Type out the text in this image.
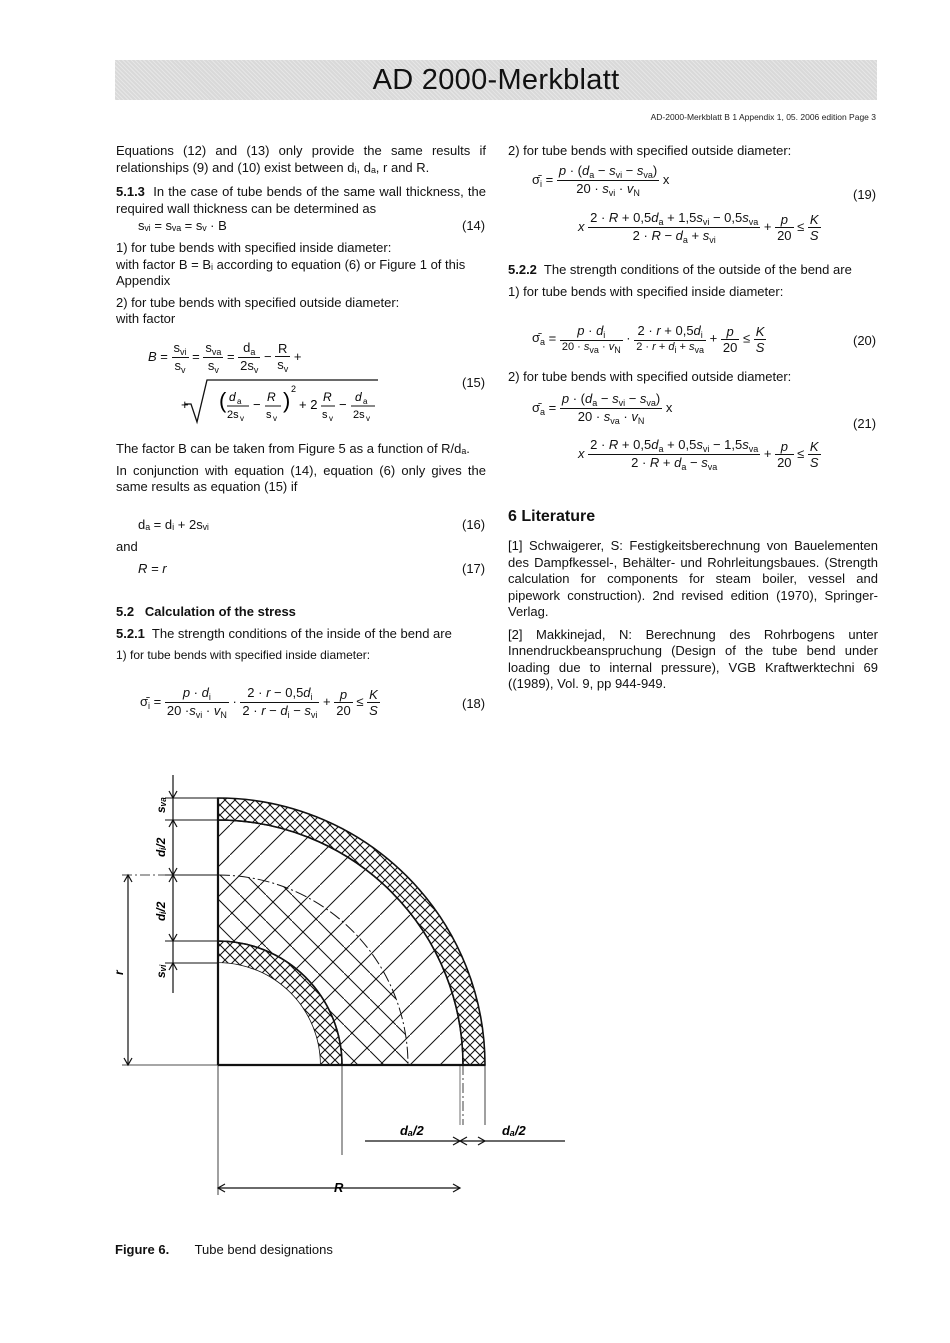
AD 2000-Merkblatt
AD-2000-Merkblatt B 1 Appendix 1, 05. 2006 edition Page 3

Equations (12) and (13) only provide the same results if relationships (9) and (10) exist between dᵢ, dₐ, r and R.

5.1.3 In the case of tube bends of the same wall thickness, the required wall thickness can be determined as

sᵥᵢ = sᵥₐ = sᵥ · B	(14)

1) for tube bends with specified inside diameter:

with factor B = Bᵢ according to equation (6) or Figure 1 of this Appendix

2) for tube bends with specified outside diameter:

with factor

$B = \frac{s_{vi}}{s_v} = \frac{s_{va}}{s_v} = \frac{d_a}{2s_v} - \frac{R}{s_v}$ +
+ ( d a
2s v
− R
s v
) 2
+ 2 R
s v
− d a
2s v
(15)

The factor B can be taken from Figure 5 as a function of R/dₐ.

In conjunction with equation (14), equation (6) only gives the same results as equation (15) if

dₐ = dᵢ + 2sᵥᵢ	(16)
and
R = r	(17)
5.2 Calculation of the stress

5.2.1 The strength conditions of the inside of the bend are

1) for tube bends with specified inside diameter:

$\sigmā_i = \frac{p \cdot d_i}{20 \cdot s_{vi} \cdot v_N} \cdot \frac{2 \cdot r - 0,5d_i}{2 \cdot r - d_i - s_{vi}} + \frac{p}{20} \le \frac{K}{S}$	(18)
2) for tube bends with specified outside diameter:
$\sigmā_i = \frac{p \cdot (d_a - s_{vi} - s_{va})}{20 \cdot s_{vi} \cdot v_N}$ x
(19)
x $\frac{2 \cdot R + 0,5d_a + 1,5s_{vi} - 0,5s_{va}}{2 \cdot R - d_a + s_{vi}} + \frac{p}{20} \le \frac{K}{S}$

5.2.2 The strength conditions of the outside of the bend are

1) for tube bends with specified inside diameter:

$\sigmā_a = \frac{p \cdot d_i}{20 \cdot s_{va} \cdot v_N} \cdot \frac{2 \cdot r + 0,5d_i}{2 \cdot r + d_i + s_{va}} + \frac{p}{20} \le \frac{K}{S}$	(20)
2) for tube bends with specified outside diameter:
$\sigmā_a = \frac{p \cdot (d_a - s_{vi} - s_{va})}{20 \cdot s_{va} \cdot v_N}$ x
(21)
x $\frac{2 \cdot R + 0,5d_a + 0,5s_{vi} - 1,5s_{va}}{2 \cdot R + d_a - s_{va}} + \frac{p}{20} \le \frac{K}{S}$
6 Literature

[1] Schwaigerer, S: Festigkeitsberechnung von Bauelementen des Dampfkessel-, Behälter- und Rohrleitungsbaues. (Strength calculation for components for steam boiler, vessel and pipework construction). 2nd revised edition (1970), Springer-Verlag.

[2] Makkinejad, N: Berechnung des Rohrbogens unter Innendruckbeanspruchung (Design of the tube bend under loading due to internal pressure), VGB Kraftwerktechni 69 ((1989), Vol. 9, pp 944-949.

sᵥₐ
dᵢ/2
dᵢ/2
sᵥᵢ
r
dₐ/2	dₐ/2
R
Figure 6. Tube bend designations
